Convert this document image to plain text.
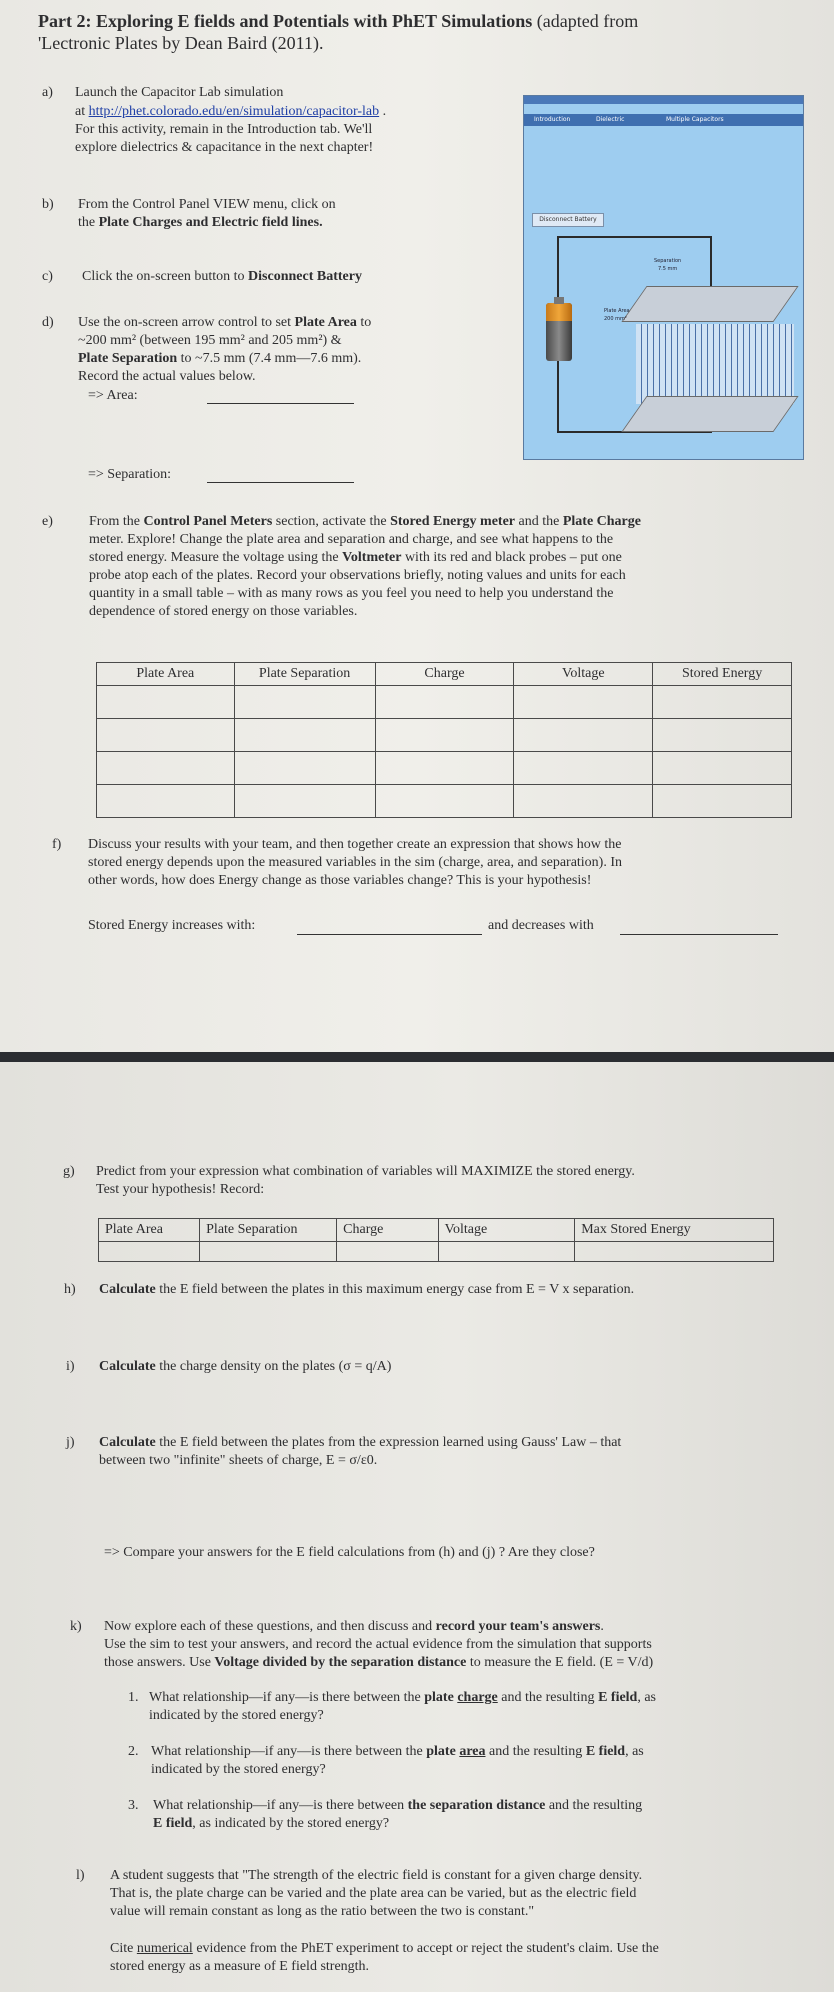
Part 2: Exploring E fields and Potentials with PhET Simulations (adapted from
'Lectronic Plates by Dean Baird (2011).
a) Launch the Capacitor Lab simulation
at http://phet.colorado.edu/en/simulation/capacitor-lab .
For this activity, remain in the Introduction tab. We'll
explore dielectrics & capacitance in the next chapter!
b) From the Control Panel VIEW menu, click on
the Plate Charges and Electric field lines.
c) Click the on-screen button to Disconnect Battery
d) Use the on-screen arrow control to set Plate Area to
~200 mm² (between 195 mm² and 205 mm²) &
Plate Separation to ~7.5 mm (7.4 mm—7.6 mm).
Record the actual values below.
=> Area:
=> Separation:
Introduction	Dielectric	Multiple Capacitors
Disconnect Battery
Separation
7.5 mm
Plate Area
200 mm²
e)	From the Control Panel Meters section, activate the Stored Energy meter and the Plate Charge
meter. Explore! Change the plate area and separation and charge, and see what happens to the
stored energy. Measure the voltage using the Voltmeter with its red and black probes – put one
probe atop each of the plates. Record your observations briefly, noting values and units for each
quantity in a small table – with as many rows as you feel you need to help you understand the
dependence of stored energy on those variables.
Plate Area	Plate Separation	Charge	Voltage	Stored Energy

f) Discuss your results with your team, and then together create an expression that shows how the
stored energy depends upon the measured variables in the sim (charge, area, and separation). In
other words, how does Energy change as those variables change? This is your hypothesis!
Stored Energy increases with:	and decreases with
g) Predict from your expression what combination of variables will MAXIMIZE the stored energy.
Test your hypothesis! Record:
Plate Area	Plate Separation	Charge	Voltage	Max Stored Energy

h) Calculate the E field between the plates in this maximum energy case from E = V x separation.
i) Calculate the charge density on the plates (σ = q/A)
j) Calculate the E field between the plates from the expression learned using Gauss' Law – that
between two "infinite" sheets of charge, E = σ/ε0.
=> Compare your answers for the E field calculations from (h) and (j) ? Are they close?
k) Now explore each of these questions, and then discuss and record your team's answers.
Use the sim to test your answers, and record the actual evidence from the simulation that supports
those answers. Use Voltage divided by the separation distance to measure the E field. (E = V/d)
1. What relationship—if any—is there between the plate charge and the resulting E field, as
indicated by the stored energy?
2. What relationship—if any—is there between the plate area and the resulting E field, as
indicated by the stored energy?
3. What relationship—if any—is there between the separation distance and the resulting
E field, as indicated by the stored energy?
l) A student suggests that "The strength of the electric field is constant for a given charge density.
That is, the plate charge can be varied and the plate area can be varied, but as the electric field
value will remain constant as long as the ratio between the two is constant."
Cite numerical evidence from the PhET experiment to accept or reject the student's claim. Use the
stored energy as a measure of E field strength.
